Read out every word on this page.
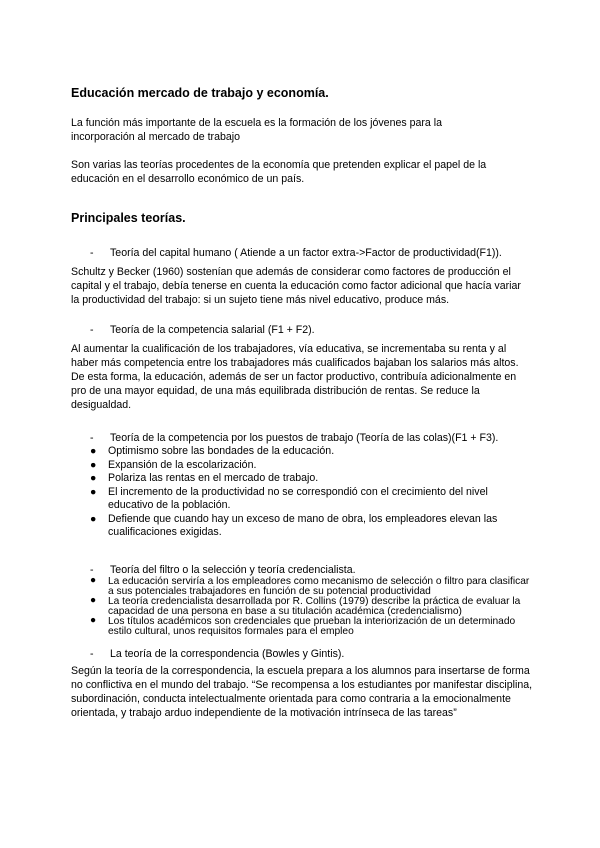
Educación mercado de trabajo y economía.

La función más importante de la escuela es la formación de los jóvenes para la incorporación al mercado de trabajo

Son varias las teorías procedentes de la economía que pretenden explicar el papel de la educación en el desarrollo económico de un país.

Principales teorías.
- Teoría del capital humano ( Atiende a un factor extra->Factor de productividad(F1)).

Schultz y Becker (1960) sostenían que además de considerar como factores de producción el capital y el trabajo, debía tenerse en cuenta la educación como factor adicional que hacía variar la productividad del trabajo: si un sujeto tiene más nivel educativo, produce más.

- Teoría de la competencia salarial (F1 + F2).

Al aumentar la cualificación de los trabajadores, vía educativa, se incrementaba su renta y al haber más competencia entre los trabajadores más cualificados bajaban los salarios más altos. De esta forma, la educación, además de ser un factor productivo, contribuía adicionalmente en pro de una mayor equidad, de una más equilibrada distribución de rentas. Se reduce la desigualdad.

- Teoría de la competencia por los puestos de trabajo (Teoría de las colas)(F1 + F3).
● Optimismo sobre las bondades de la educación.
● Expansión de la escolarización.
● Polariza las rentas en el mercado de trabajo.
● El incremento de la productividad no se correspondió con el crecimiento del nivel educativo de la población.
● Defiende que cuando hay un exceso de mano de obra, los empleadores elevan las cualificaciones exigidas.
- Teoría del filtro o la selección y teoría credencialista.
● La educación serviría a los empleadores como mecanismo de selección o filtro para clasificar a sus potenciales trabajadores en función de su potencial productividad
● La teoría credencialista desarrollada por R. Collins (1979) describe la práctica de evaluar la capacidad de una persona en base a su titulación académica (credencialismo)
● Los títulos académicos son credenciales que prueban la interiorización de un determinado estilo cultural, unos requisitos formales para el empleo
- La teoría de la correspondencia (Bowles y Gintis).

Según la teoría de la correspondencia, la escuela prepara a los alumnos para insertarse de forma no conflictiva en el mundo del trabajo. “Se recompensa a los estudiantes por manifestar disciplina, subordinación, conducta intelectualmente orientada para como contraria a la emocionalmente orientada, y trabajo arduo independiente de la motivación intrínseca de las tareas”
